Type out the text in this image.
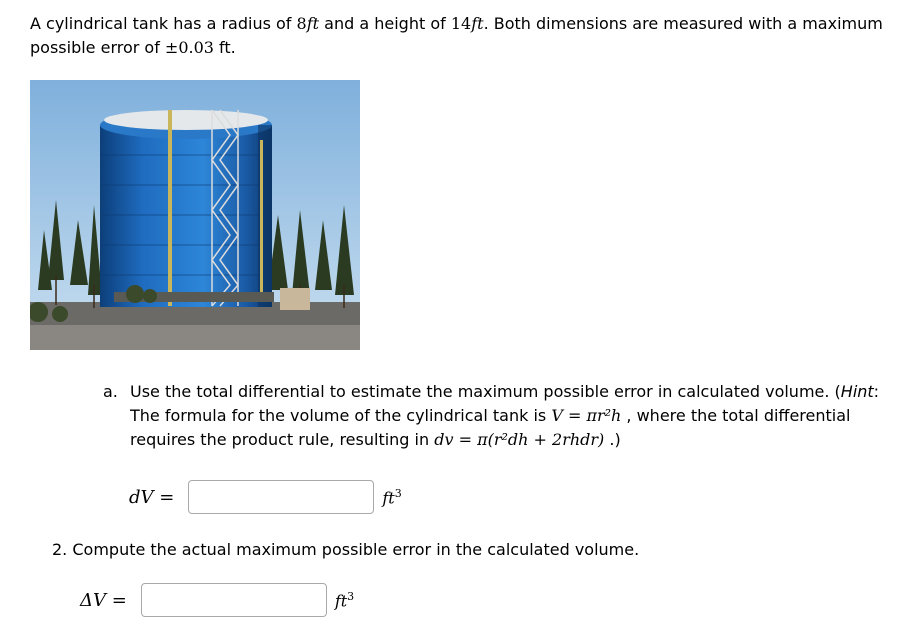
A cylindrical tank has a radius of 8ft and a height of 14ft. Both dimensions are measured with a maximum possible error of ±0.03 ft.
a. Use the total differential to estimate the maximum possible error in calculated volume. (Hint: The formula for the volume of the cylindrical tank is V = πr²h , where the total differential requires the product rule, resulting in dv = π(r²dh + 2rhdr) .)
dV =	$ft^3$
2. Compute the actual maximum possible error in the calculated volume.
ΔV =	$ft^3$
